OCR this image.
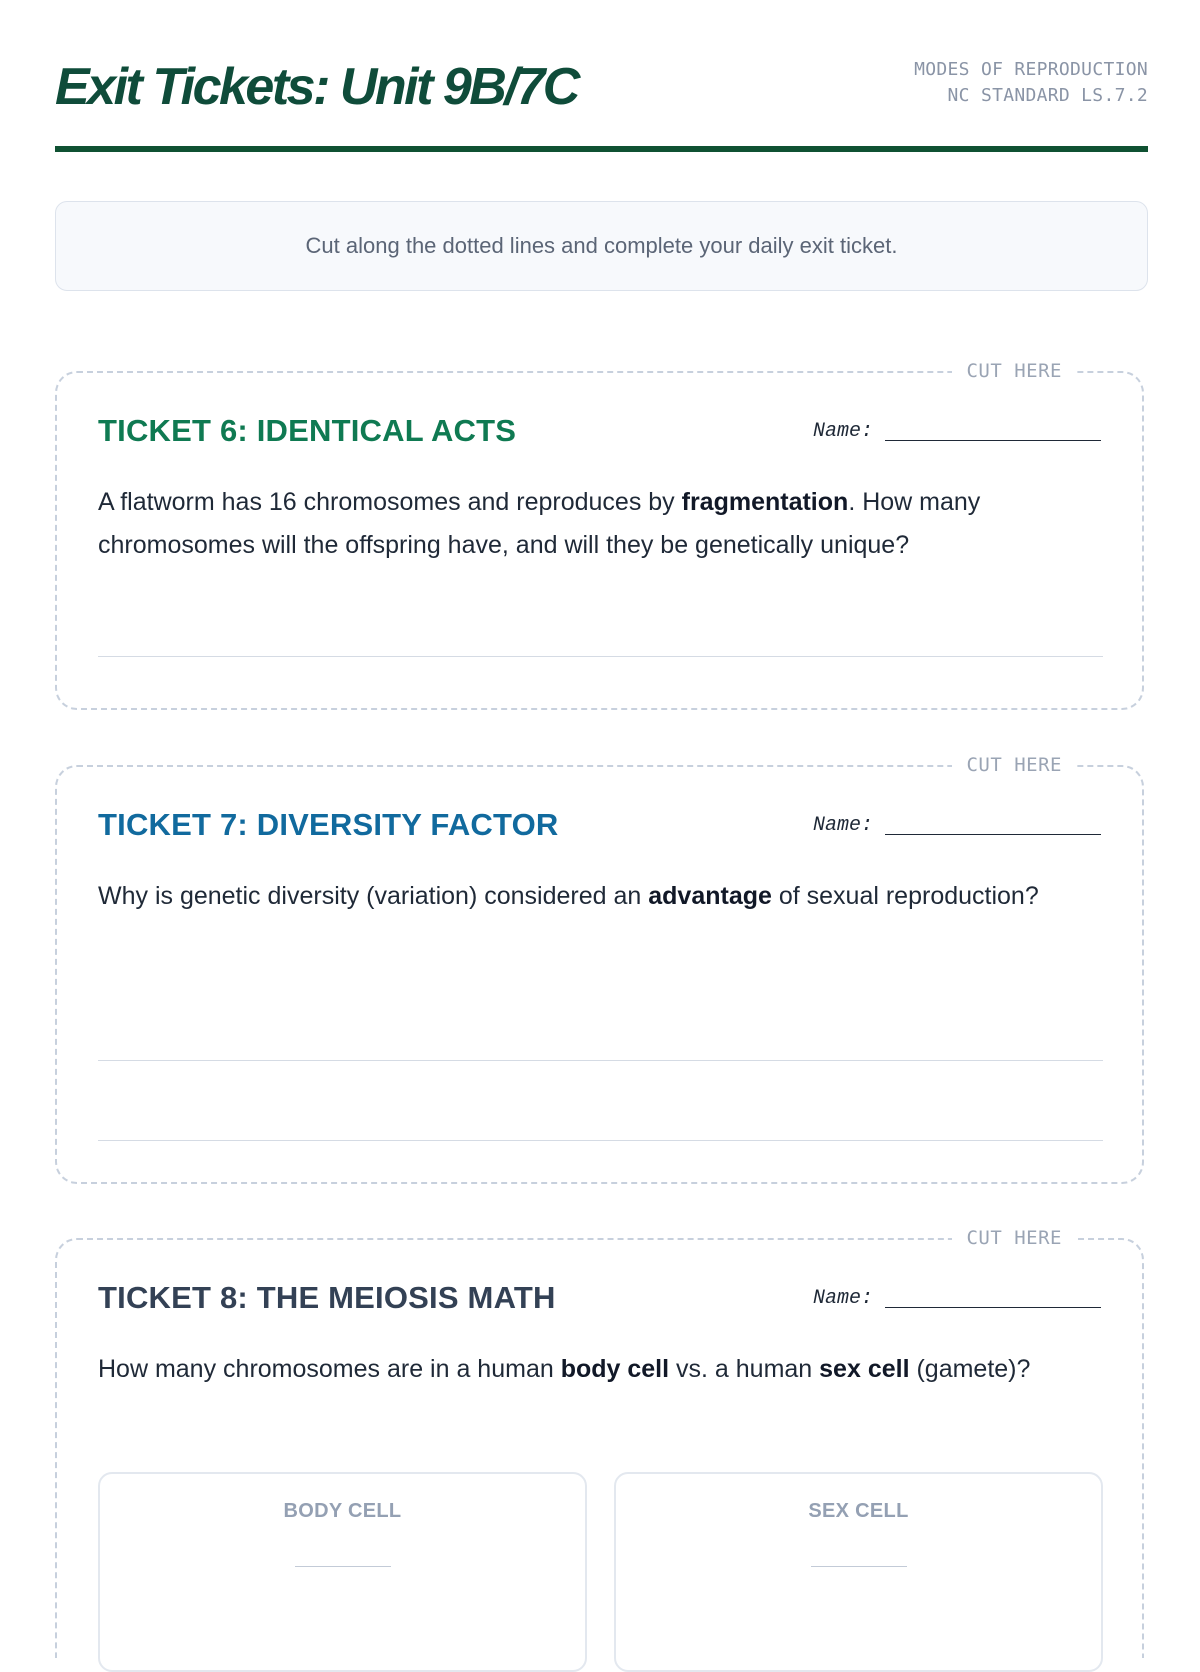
Exit Tickets: Unit 9B/7C	MODES OF REPRODUCTION
NC STANDARD LS.7.2
Cut along the dotted lines and complete your daily exit ticket.
CUT HERE
TICKET 6: IDENTICAL ACTS	Name:

A flatworm has 16 chromosomes and reproduces by fragmentation. How many chromosomes will the offspring have, and will they be genetically unique?

CUT HERE
TICKET 7: DIVERSITY FACTOR	Name:

Why is genetic diversity (variation) considered an advantage of sexual reproduction?

CUT HERE
TICKET 8: THE MEIOSIS MATH	Name:

How many chromosomes are in a human body cell vs. a human sex cell (gamete)?

BODY CELL	SEX CELL
